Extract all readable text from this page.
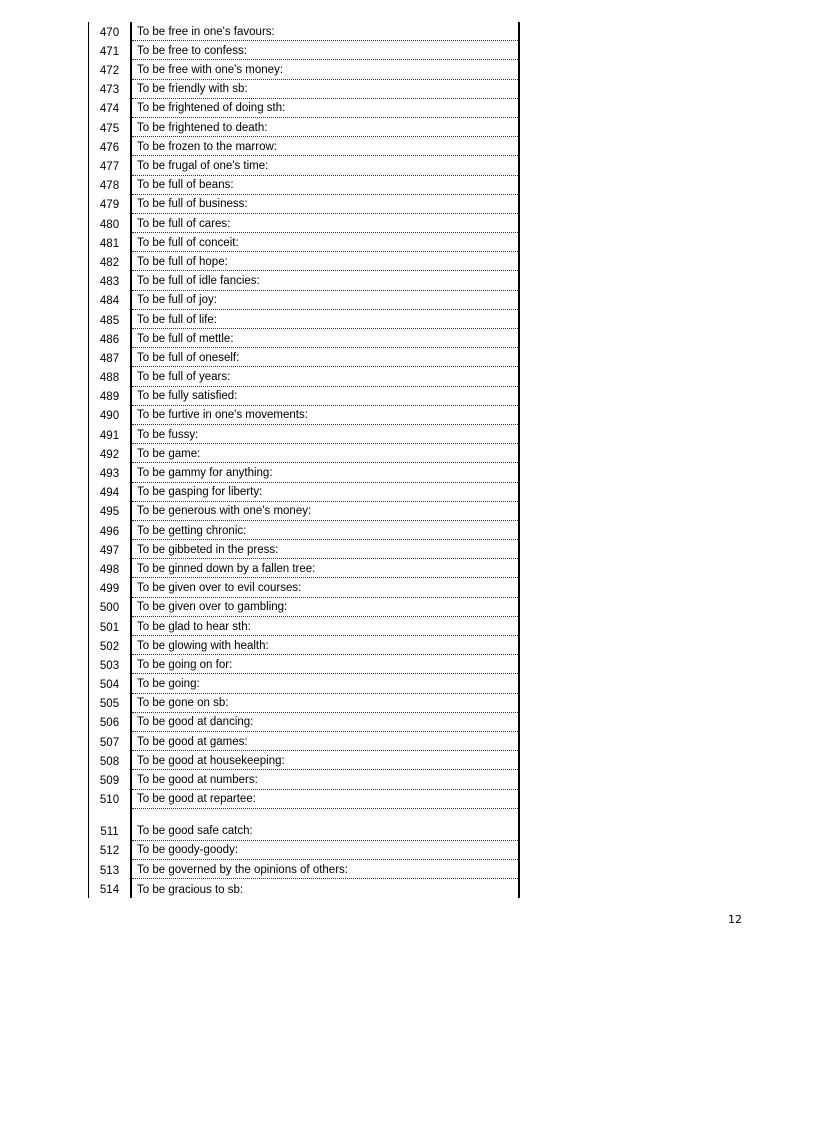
470	To be free in one's favours:
471	To be free to confess:
472	To be free with one's money:
473	To be friendly with sb:
474	To be frightened of doing sth:
475	To be frightened to death:
476	To be frozen to the marrow:
477	To be frugal of one's time:
478	To be full of beans:
479	To be full of business:
480	To be full of cares:
481	To be full of conceit:
482	To be full of hope:
483	To be full of idle fancies:
484	To be full of joy:
485	To be full of life:
486	To be full of mettle:
487	To be full of oneself:
488	To be full of years:
489	To be fully satisfied:
490	To be furtive in one's movements:
491	To be fussy:
492	To be game:
493	To be gammy for anything:
494	To be gasping for liberty:
495	To be generous with one's money:
496	To be getting chronic:
497	To be gibbeted in the press:
498	To be ginned down by a fallen tree:
499	To be given over to evil courses:
500	To be given over to gambling:
501	To be glad to hear sth:
502	To be glowing with health:
503	To be going on for:
504	To be going:
505	To be gone on sb:
506	To be good at dancing:
507	To be good at games:
508	To be good at housekeeping:
509	To be good at numbers:
510	To be good at repartee:
511	To be good safe catch:
512	To be goody-goody:
513	To be governed by the opinions of others:
514	To be gracious to sb:
12
